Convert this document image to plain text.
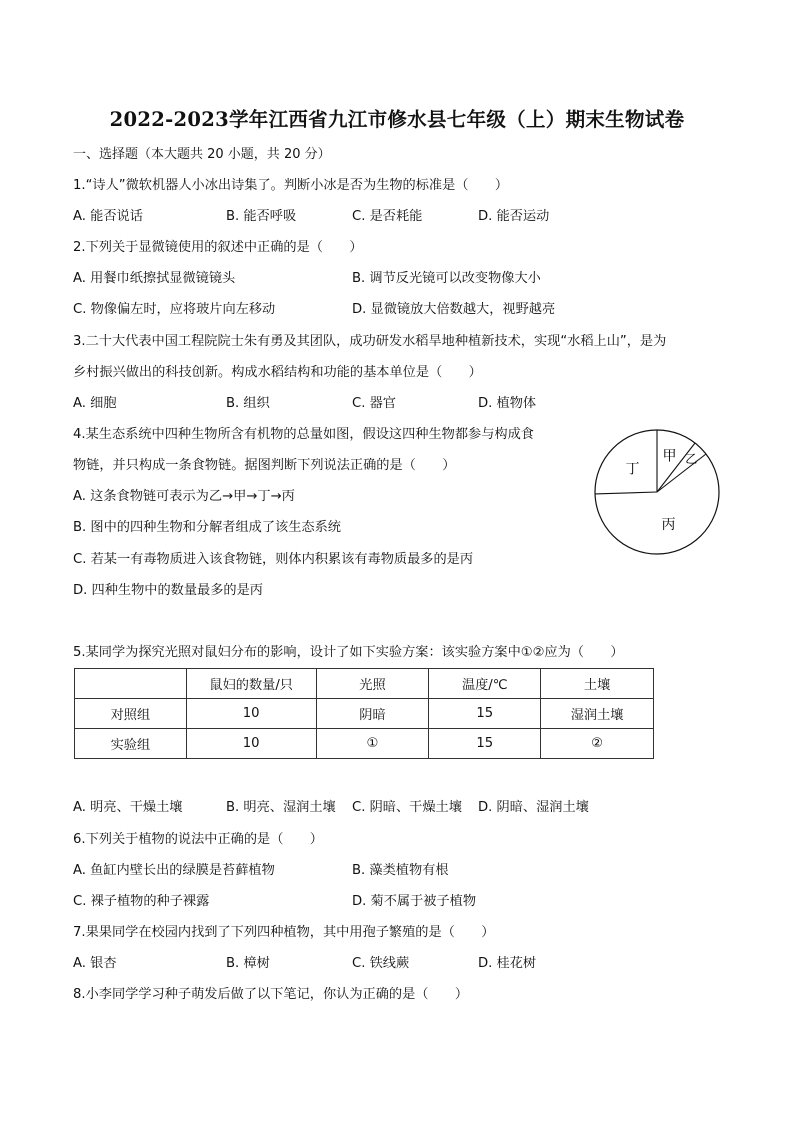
2022-2023学年江西省九江市修水县七年级（上）期末生物试卷
一、选择题（本大题共 20 小题，共 20 分）
1.“诗人”微软机器人小冰出诗集了。判断小冰是否为生物的标准是（　　）
A. 能否说话	B. 能否呼吸	C. 是否耗能	D. 能否运动
2.下列关于显微镜使用的叙述中正确的是（　　）
A. 用餐巾纸擦拭显微镜镜头	B. 调节反光镜可以改变物像大小
C. 物像偏左时，应将玻片向左移动	D. 显微镜放大倍数越大，视野越亮
3.二十大代表中国工程院院士朱有勇及其团队，成功研发水稻旱地种植新技术，实现“水稻上山”，是为
乡村振兴做出的科技创新。构成水稻结构和功能的基本单位是（　　）
A. 细胞	B. 组织	C. 器官	D. 植物体
4.某生态系统中四种生物所含有机物的总量如图，假设这四种生物都参与构成食
物链，并只构成一条食物链。据图判断下列说法正确的是（　　）
A. 这条食物链可表示为乙→甲→丁→丙
B. 图中的四种生物和分解者组成了该生态系统
C. 若某一有毒物质进入该食物链，则体内积累该有毒物质最多的是丙
D. 四种生物中的数量最多的是丙
甲 乙
丙
丁
5.某同学为探究光照对鼠妇分布的影响，设计了如下实验方案：该实验方案中①②应为（　　）
	鼠妇的数量/只	光照	温度/℃	土壤
对照组	10	阴暗	15	湿润土壤
实验组	10	①	15	②
A. 明亮、干燥土壤	B. 明亮、湿润土壤 C. 阴暗、干燥土壤 D. 阴暗、湿润土壤
6.下列关于植物的说法中正确的是（　　）
A. 鱼缸内壁长出的绿膜是苔藓植物	B. 藻类植物有根
C. 裸子植物的种子裸露	D. 菊不属于被子植物
7.果果同学在校园内找到了下列四种植物，其中用孢子繁殖的是（　　）
A. 银杏	B. 樟树	C. 铁线蕨	D. 桂花树
8.小李同学学习种子萌发后做了以下笔记，你认为正确的是（　　）
